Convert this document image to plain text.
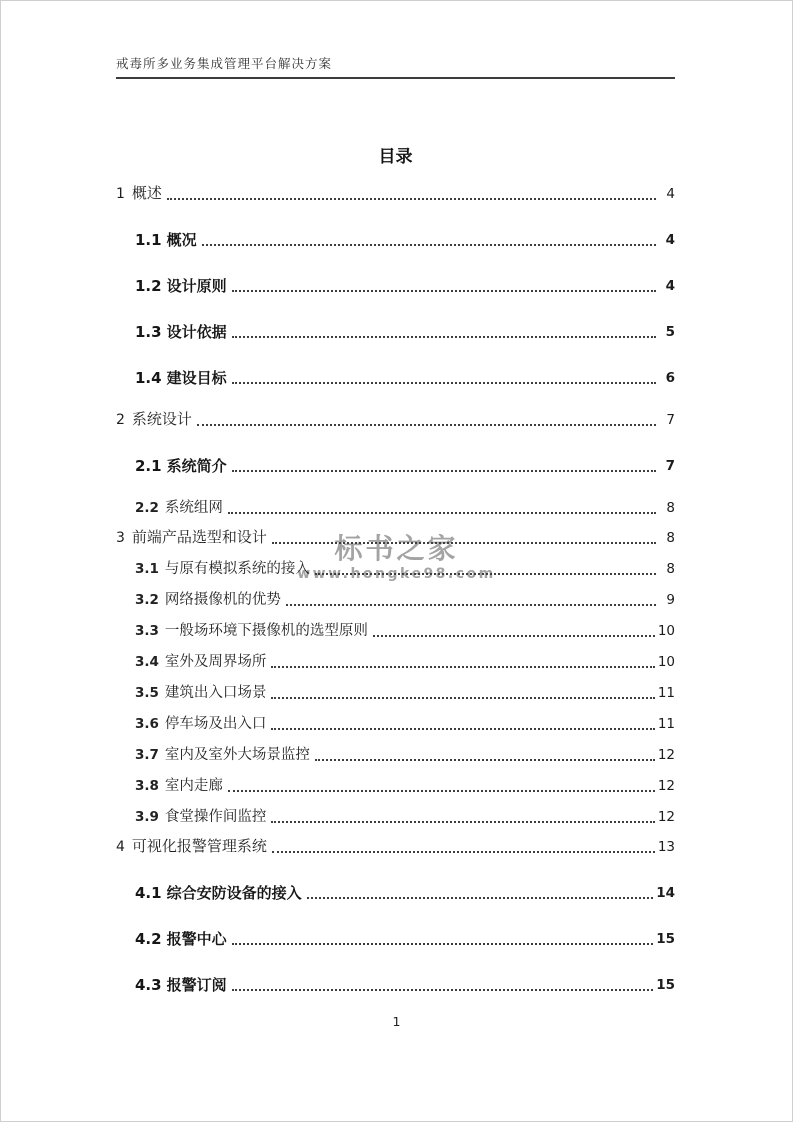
戒毒所多业务集成管理平台解决方案
标书之家
www.hongke98.com
目录
1 概述	4
1.1 概况	4
1.2 设计原则	4
1.3 设计依据	5
1.4 建设目标	6
2 系统设计	7
2.1 系统简介	7
2.2 系统组网	8
3 前端产品选型和设计	8
3.1 与原有模拟系统的接入	8
3.2 网络摄像机的优势	9
3.3 一般场环境下摄像机的选型原则	10
3.4 室外及周界场所	10
3.5 建筑出入口场景	11
3.6 停车场及出入口	11
3.7 室内及室外大场景监控	12
3.8 室内走廊	12
3.9 食堂操作间监控	12
4 可视化报警管理系统	13
4.1 综合安防设备的接入	14
4.2 报警中心	15
4.3 报警订阅	15
1
